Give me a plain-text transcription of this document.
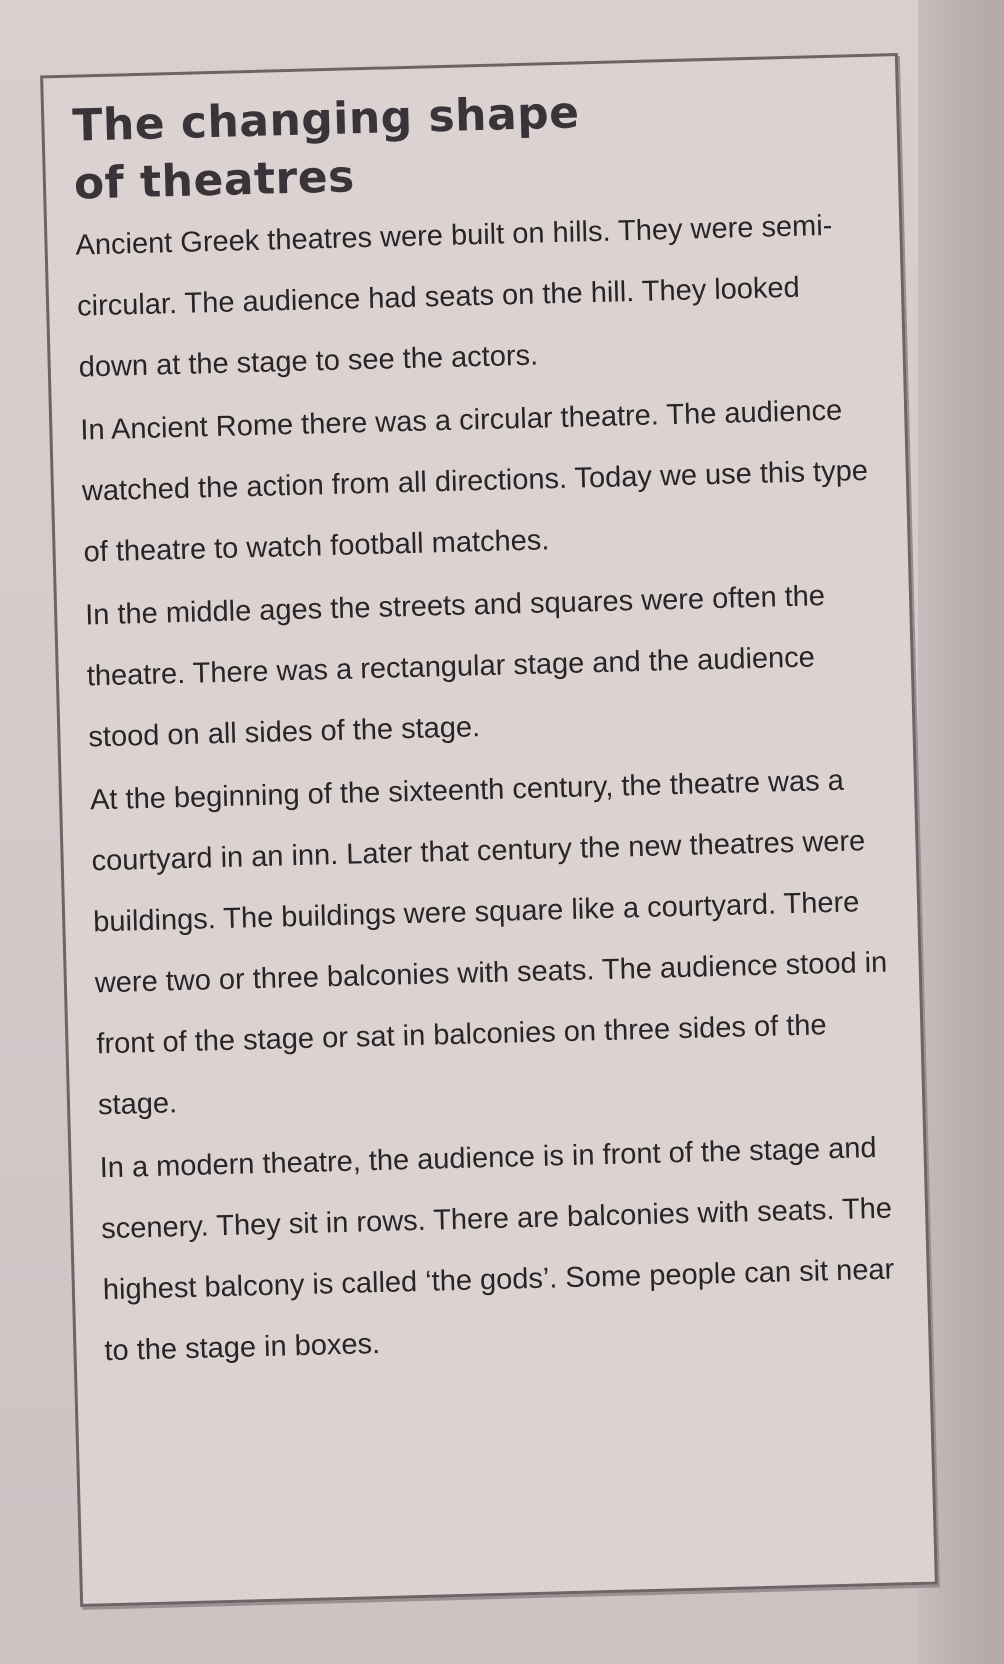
The changing shape
of theatres

Ancient Greek theatres were built on hills. They were semi-circular. The audience had seats on the hill. They looked down at the stage to see the actors.

In Ancient Rome there was a circular theatre. The audience watched the action from all directions. Today we use this type of theatre to watch football matches.

In the middle ages the streets and squares were often the theatre. There was a rectangular stage and the audience stood on all sides of the stage.

At the beginning of the sixteenth century, the theatre was a courtyard in an inn. Later that century the new theatres were buildings. The buildings were square like a courtyard. There were two or three balconies with seats. The audience stood in front of the stage or sat in balconies on three sides of the stage.

In a modern theatre, the audience is in front of the stage and scenery. They sit in rows. There are balconies with seats. The highest balcony is called ‘the gods’. Some people can sit near to the stage in boxes.
